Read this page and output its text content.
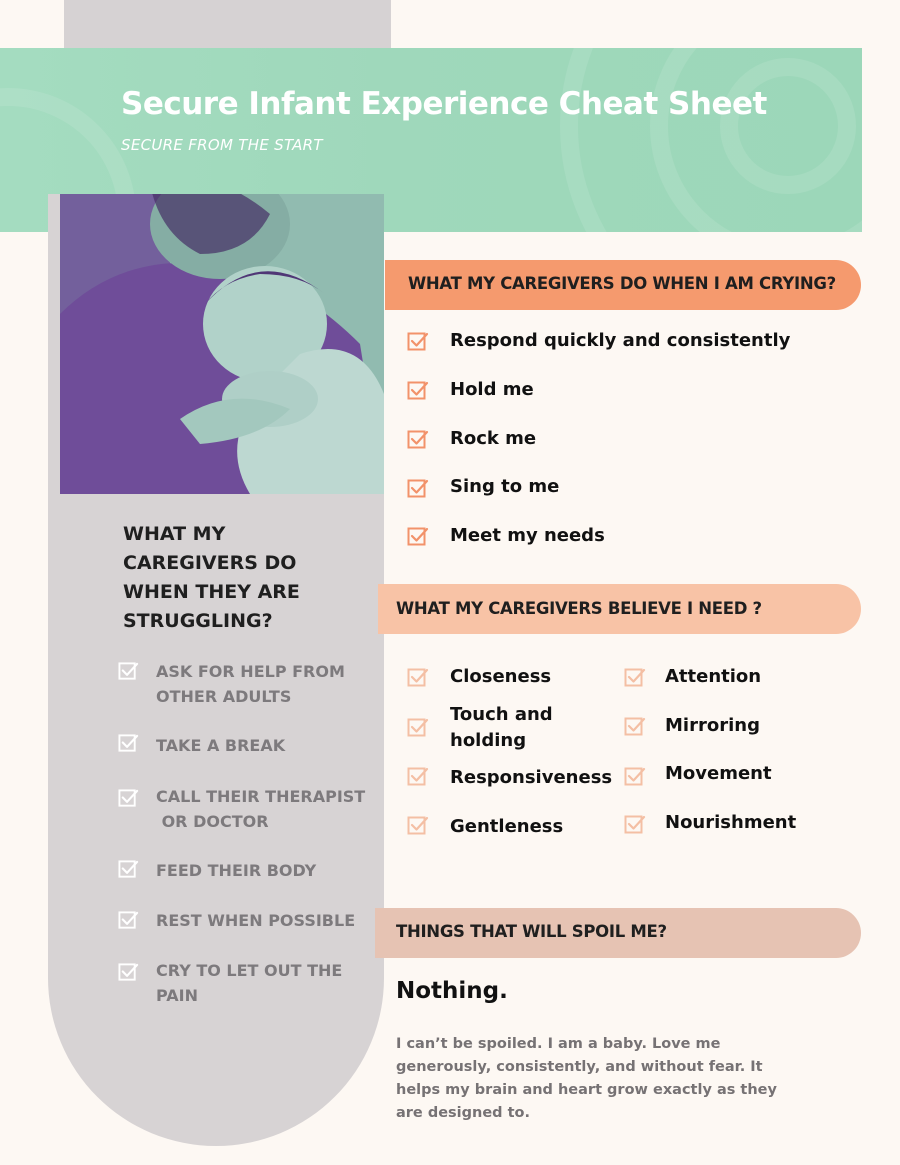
Secure Infant Experience Cheat Sheet

SECURE FROM THE START

WHAT MY CAREGIVERS DO WHEN THEY ARE STRUGGLING?
ASK FOR HELP FROM
OTHER ADULTS
TAKE A BREAK
CALL THEIR THERAPIST
OR DOCTOR
FEED THEIR BODY
REST WHEN POSSIBLE
CRY TO LET OUT THE
PAIN
WHAT MY CAREGIVERS DO WHEN I AM CRYING?
Respond quickly and consistently
Hold me
Rock me
Sing to me
Meet my needs
WHAT MY CAREGIVERS BELIEVE I NEED ?
Closeness
Touch and
holding
Responsiveness
Gentleness
Attention
Mirroring
Movement
Nourishment
THINGS THAT WILL SPOIL ME?

Nothing.

I can’t be spoiled. I am a baby. Love me generously, consistently, and without fear. It helps my brain and heart grow exactly as they are designed to.
